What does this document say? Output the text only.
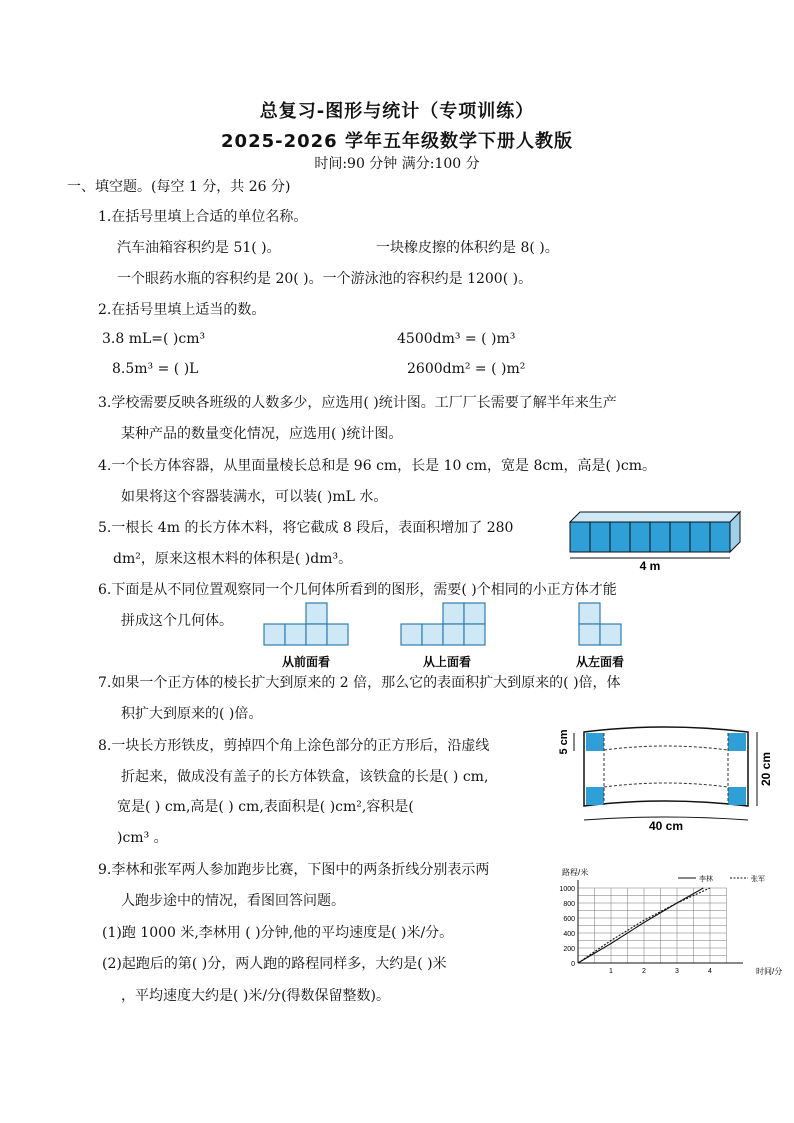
总复习-图形与统计（专项训练）
2025-2026 学年五年级数学下册人教版
时间:90 分钟 满分:100 分
一、填空题。(每空 1 分，共 26 分)
1.在括号里填上合适的单位名称。
汽车油箱容积约是 51( )。	一块橡皮擦的体积约是 8( )。
一个眼药水瓶的容积约是 20( )。一个游泳池的容积约是 1200( )。
2.在括号里填上适当的数。
3.8 mL=( )cm³	4500dm³ = ( )m³
8.5m³ = ( )L	2600dm² = ( )m²
3.学校需要反映各班级的人数多少，应选用( )统计图。工厂厂长需要了解半年来生产
某种产品的数量变化情况，应选用( )统计图。
4.一个长方体容器，从里面量棱长总和是 96 cm，长是 10 cm，宽是 8cm，高是( )cm。
如果将这个容器装满水，可以装( )mL 水。
5.一根长 4m 的长方体木料，将它截成 8 段后，表面积增加了 280
dm²，原来这根木料的体积是( )dm³。	4 m
6.下面是从不同位置观察同一个几何体所看到的图形，需要( )个相同的小正方体才能
拼成这个几何体。
从前面看	从上面看	从左面看
7.如果一个正方体的棱长扩大到原来的 2 倍，那么它的表面积扩大到原来的( )倍，体
积扩大到原来的( )倍。
8.一块长方形铁皮，剪掉四个角上涂色部分的正方形后，沿虚线
折起来，做成没有盖子的长方体铁盒，该铁盒的长是( ) cm,
宽是( ) cm,高是( ) cm,表面积是( )cm²,容积是(
)cm³ 。
5 cm
20 cm
40 cm
9.李林和张军两人参加跑步比赛，下图中的两条折线分别表示两
人跑步途中的情况，看图回答问题。
(1)跑 1000 米,李林用 ( )分钟,他的平均速度是( )米/分。
(2)起跑后的第( )分，两人跑的路程同样多，大约是( )米
，平均速度大约是( )米/分(得数保留整数)。
路程/米
时间/分
0
200
400
600
800
1000
1	2	3	4
李林	张军
